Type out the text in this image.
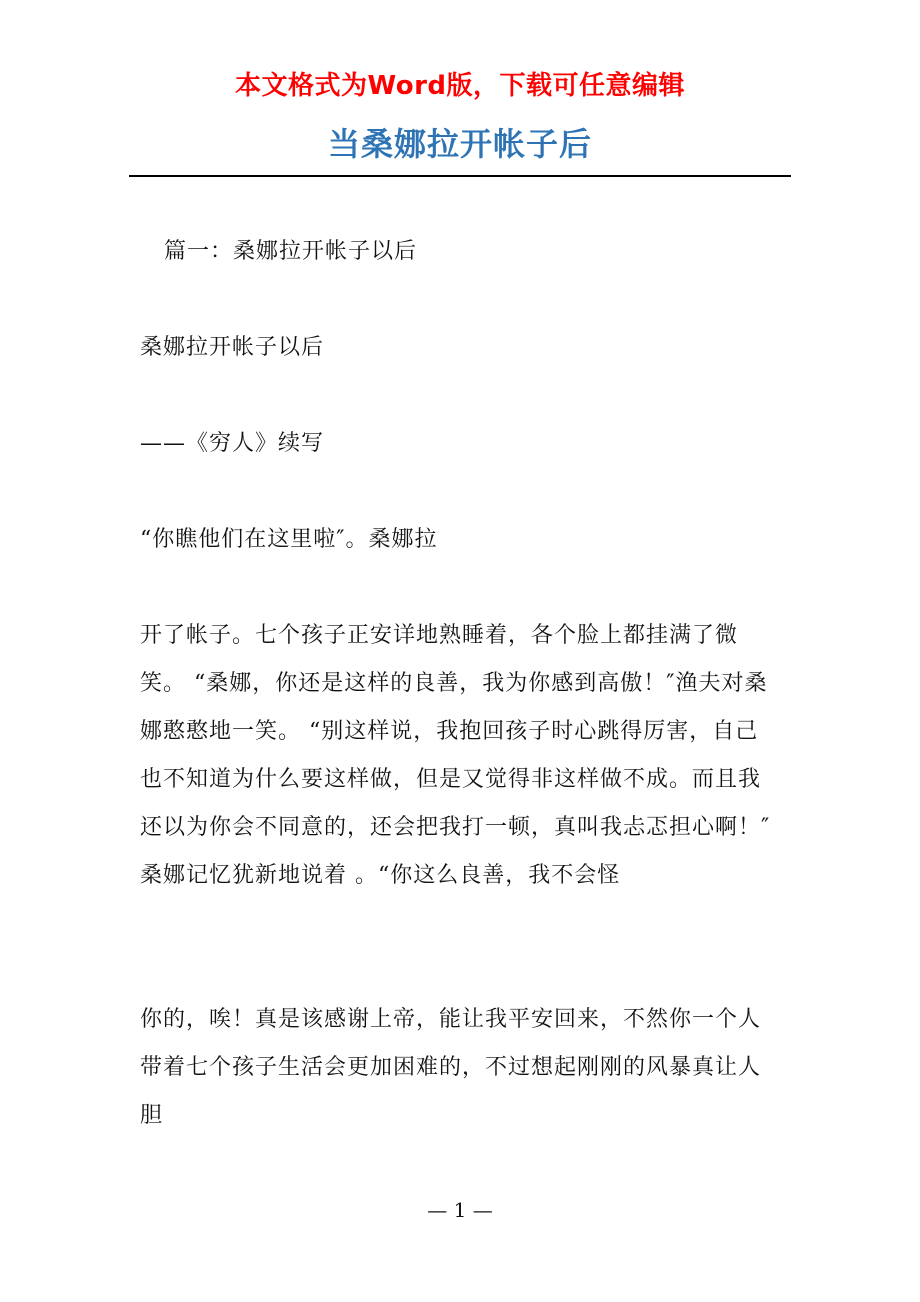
本文格式为Word版，下载可任意编辑
当桑娜拉开帐子后

篇一：桑娜拉开帐子以后

桑娜拉开帐子以后

——《穷人》续写

“你瞧他们在这里啦″。桑娜拉

开了帐子。七个孩子正安详地熟睡着，各个脸上都挂满了微笑。 “桑娜，你还是这样的良善，我为你感到高傲！″渔夫对桑娜憨憨地一笑。 “别这样说，我抱回孩子时心跳得厉害，自己也不知道为什么要这样做，但是又觉得非这样做不成。而且我还以为你会不同意的，还会把我打一顿，真叫我忐忑担心啊！″桑娜记忆犹新地说着 。“你这么良善，我不会怪

你的，唉！真是该感谢上帝，能让我平安回来，不然你一个人带着七个孩子生活会更加困难的，不过想起刚刚的风暴真让人胆

— 1 —
